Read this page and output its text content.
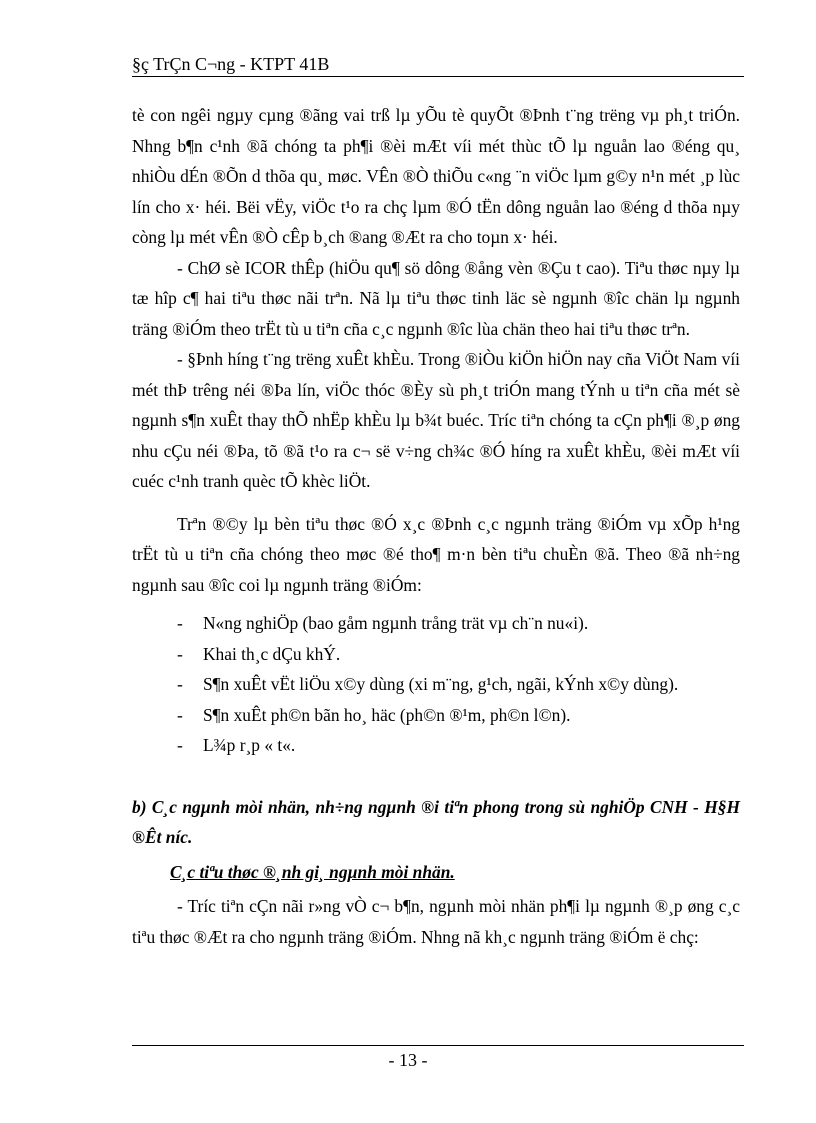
§ç TrÇn C¬ng - KTPT 41B

tè con ngêi ngµy cµng ®ãng vai trß lµ yÕu tè quyÕt ®Þnh t¨ng trëng vµ ph¸t triÓn. Nhng b¶n c¹nh ®ã chóng ta ph¶i ®èi mÆt víi mét thùc tÕ lµ nguån lao ®éng qu¸ nhiÒu dÉn ®Õn d thõa qu¸ møc. VÊn ®Ò thiÕu c«ng ¨n viÖc lµm g©y n¹n mét ¸p lùc lín cho x· héi. Bëi vËy, viÖc t¹o ra chç lµm ®Ó tËn dông nguån lao ®éng d thõa nµy còng lµ mét vÊn ®Ò cÊp b¸ch ®ang ®Æt ra cho toµn x· héi.

- ChØ sè ICOR thÊp (hiÖu qu¶ sö dông ®ång vèn ®Çu t cao). Tiªu thøc nµy lµ tæ hîp c¶ hai tiªu thøc nãi trªn. Nã lµ tiªu thøc tinh läc sè ngµnh ®îc chän lµ ngµnh träng ®iÓm theo trËt tù u tiªn cña c¸c ngµnh ®îc lùa chän theo hai tiªu thøc trªn.

- §Þnh híng t¨ng trëng xuÊt khÈu. Trong ®iÒu kiÖn hiÖn nay cña ViÖt Nam víi mét thÞ trêng néi ®Þa lín, viÖc thóc ®Èy sù ph¸t triÓn mang tÝnh u tiªn cña mét sè ngµnh s¶n xuÊt thay thÕ nhËp khÈu lµ b¾t buéc. Tríc tiªn chóng ta cÇn ph¶i ®¸p øng nhu cÇu néi ®Þa, tõ ®ã t¹o ra c¬ së v÷ng ch¾c ®Ó híng ra xuÊt khÈu, ®èi mÆt víi cuéc c¹nh tranh quèc tÕ khèc liÖt.

Trªn ®©y lµ bèn tiªu thøc ®Ó x¸c ®Þnh c¸c ngµnh träng ®iÓm vµ xÕp h¹ng trËt tù u tiªn cña chóng theo møc ®é tho¶ m·n bèn tiªu chuÈn ®ã. Theo ®ã nh÷ng ngµnh sau ®îc coi lµ ngµnh träng ®iÓm:

-	N«ng nghiÖp (bao gåm ngµnh trång trät vµ ch¨n nu«i).
-	Khai th¸c dÇu khÝ.
-	S¶n xuÊt vËt liÖu x©y dùng (xi m¨ng, g¹ch, ngãi, kÝnh x©y dùng).
-	S¶n xuÊt ph©n bãn ho¸ häc (ph©n ®¹m, ph©n l©n).
-	L¾p r¸p « t«.

b) C¸c ngµnh mòi nhän, nh÷ng ngµnh ®i tiªn phong trong sù nghiÖp CNH - H§H ®Êt níc.

C¸c tiªu thøc ®¸nh gi¸ ngµnh mòi nhän.

- Tríc tiªn cÇn nãi r»ng vÒ c¬ b¶n, ngµnh mòi nhän ph¶i lµ ngµnh ®¸p øng c¸c tiªu thøc ®Æt ra cho ngµnh träng ®iÓm. Nhng nã kh¸c ngµnh träng ®iÓm ë chç:

- 13 -
